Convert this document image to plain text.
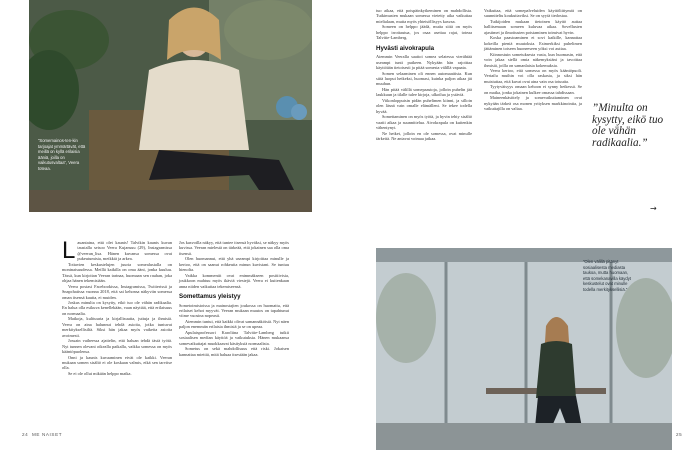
”Somemainos-ten-kin tarjoajat ymmärtävät, että meillä on kyllä erilaisia ääniä, joilla on vaikutusvaltaa”, Veera toteaa.

tuo aikaa, että poispäinkytkeminen on mahdollista. Tutkimusten mukaan somessa vietetty aika vaikuttaa mielialaan, mutta myös yhteisöllisyys kasvaa.

Someen on helppo jäädä, mutta siitä on myös helppo irrottautua, jos osaa asettaa rajat, toteaa Talvitie-Lamberg.

Hyvästi aivokrapula

Aiemmin Veeralla saattoi somea selatessa vierähtää useampi tunti putkeen. Nykyään hän rajoittaa käyttöään tietoisesti ja pitää somesta välillä vapaata.

Somen selaaminen oli ennen automaattista. Kun siitä luopui hetkeksi, huomasi, kuinka paljon aikaa jäi muuhun.

Hän pitää välillä somepaastoja, jolloin puhelin jää laukkuun ja tilalle tulee kirjoja, ulkoilua ja ystäviä.

Viikonloppuisin pidän puhelimen kiinni, ja silloin olen läsnä vain omalle elämälleni. Se tekee todella hyvää.

Somettaminen on myös työtä, ja hyvin tehty sisältö vaatii aikaa ja suunnittelua. Aivokrapula on kuitenkin vähentynyt.

Ne hetket, jolloin en ole somessa, ovat minulle tärkeitä. Ne antavat voimaa jatkaa.

Vaikuttaa, että somepalveluiden käyttöliittymät on suunniteltu koukuttaviksi. Se on syytä tiedostaa.

Tutkijoiden mukaan tietoinen käyttö auttaa hallitsemaan someen kuluvaa aikaa. Sovellusten ajastimet ja ilmoitusten poistaminen toimivat hyvin.

Koska paastoaminen ei sovi kaikille, kannattaa kokeilla pieniä muutoksia. Esimerkiksi puhelimen jättäminen toiseen huoneeseen yöksi voi auttaa.

Kiinnostuin sometuksesta vasta, kun huomasin, että voin jakaa siellä omia näkemyksiäni ja tavoittaa ihmisiä, joilla on samanlaisia kokemuksia.

Veera kertoo, että somessa on myös kääntöpuoli. Vertailu muihin voi olla raskasta, ja siksi hän muistuttaa, että kuvat ovat aina vain osa totuutta.

Tyytyväisyys omaan kehoon ei synny hetkessä. Se on matka, jonka jokainen kulkee omassa tahdissaan.

Maineenkäsittely ja somevaikuttaminen ovat nykyään tärkeä osa monen yrityksen markkinointia, ja vaikuttajilla on valtaa.	”Minulta on kysytty, eikö tuo ole vähän radikaalia.”
→

Lauantaina, että olet kaunis! Talvikin kaunis kuvan taustalla seisoo Veera Kujansuu (29), Instagramissa @veeran_lisa. Hänen kuvansa somessa ovat pukeutumista, meikkiä ja arkea.

Tottavien keskustelujen juuria somealustalla on moninaisuudessa. Meillä kaikilla on oma ääni, jonka kuuluu. Tässä, kun kirjoitan Veeran tarinaa, huomaan sen rauhan, joka ohjaa hänen tekemisiään.

Veera postasi Facebookissa, Instagramissa, Twitterissä ja Snapchatissa vuonna 2018, että sai kehonsa näkyviin somessa oman itsensä kautta, ei muiden.

Joskus minulta on kysytty, eikö tuo ole vähän radikaalia. En halua olla esikuva kenellekään, vaan näyttää, että erilaisuus on normaalia.

Matkoja, kulttuuria ja kirjallisuutta, juttuja ja ihmisiä. Veera on aina halunnut tehdä asioita, jotka tuntuvat merkityksellisiltä. Siksi hän jakaa myös vaikeita asioita avoimesti.

Jossain vaiheessa ajattelin, että haluan tehdä tästä työtä. Nyt tunnen olevani oikealla paikalla, vaikka somessa on myös kääntöpuolensa.

Onni ja kaunis kuvaaminen eivät ole kaikki. Veeran mukaan somen sisältö ei ole koskaan valmis, eikä sen tarvitse olla.

Se ei ole ollut mikään helppo matka.

Jos kasvoilla näkyy, että tuntee itsensä hyväksi, se näkyy myös kuvissa. Veeran mielestä on tärkeää, että jokainen saa olla oma itsensä.

Olen huomannut, että yhä useampi kirjoittaa minulle ja kertoo, että on saanut rohkeutta minun kuvistani. Se tuntuu hienolta.

Vaikka kommentit ovat enimmäkseen positiivisia, joukkoon mahtuu myös ikäviä viestejä. Veera ei kuitenkaan anna niiden vaikuttaa tekemiseensä.

Somettamus yleistyy

Sometoimistoissa ja mainostajien joukossa on huomattu, että erilaiset kehot myyvät. Veeran mukaan muutos on tapahtunut viime vuosina nopeasti.

Aiemmin tuntui, että kaikki olivat samannäköisiä. Nyt näen paljon enemmän erilaisia ihmisiä ja se on upeaa.

Apulaisprofessori Karoliina Talvitie-Lamberg tutkii sosiaalisen median käyttöä ja vaikutuksia. Hänen mukaansa somevaikuttajat muokkaavat käsityksiä normaalista.

Sometus on sekä mahdollisuus että riski. Jokaisen kannattaa miettiä, mitä haluaa itsestään jakaa.

”Olen välillä pitänyt sosiaalisesta mediasta taukoa, mutta huomaan, että somekanavilla käydyt keskustelut ovat minulle todella merkityksellisiä.”
24 ME NAISET	25
